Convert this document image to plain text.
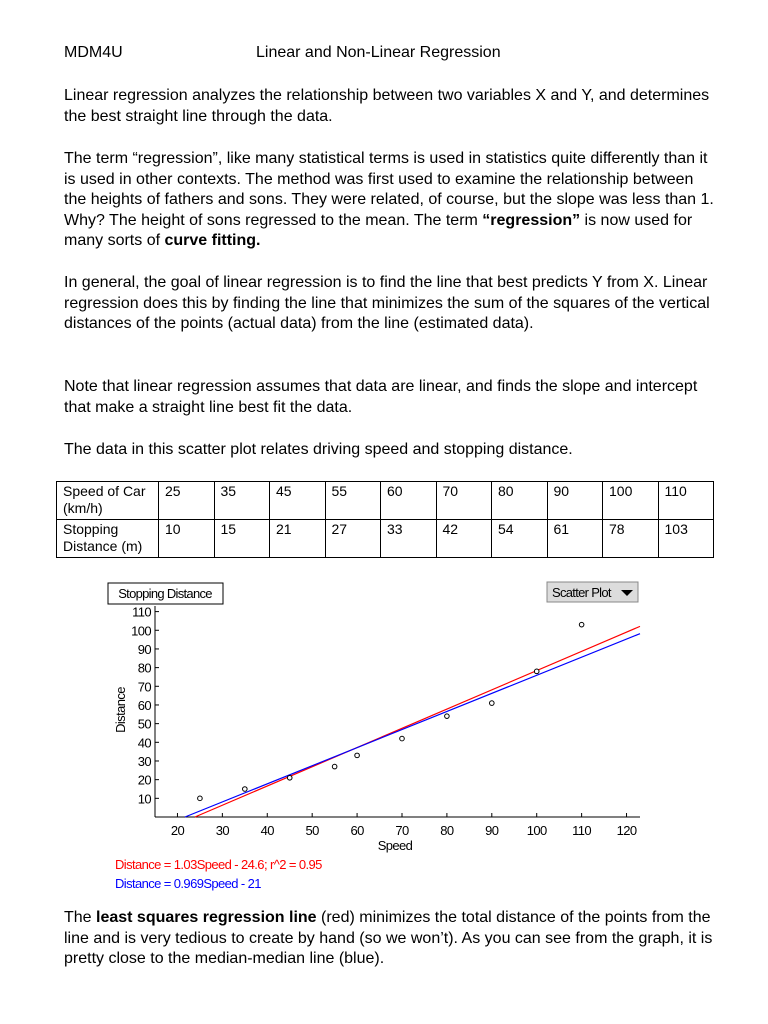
MDM4U	Linear and Non-Linear Regression

Linear regression analyzes the relationship between two variables X and Y, and determines the best straight line through the data.

The term “regression”, like many statistical terms is used in statistics quite differently than it is used in other contexts. The method was first used to examine the relationship between the heights of fathers and sons. They were related, of course, but the slope was less than 1. Why? The height of sons regressed to the mean. The term “regression” is now used for many sorts of curve fitting.

In general, the goal of linear regression is to find the line that best predicts Y from X. Linear regression does this by finding the line that minimizes the sum of the squares of the vertical distances of the points (actual data) from the line (estimated data).

Note that linear regression assumes that data are linear, and finds the slope and intercept that make a straight line best fit the data.

The data in this scatter plot relates driving speed and stopping distance.

Speed of Car (km/h)	25	35	45	55	60	70	80	90	100	110
Stopping Distance (m)	10	15	21	27	33	42	54	61	78	103
Stopping Distance	Scatter Plot
10
20
30
40
50
60
70
80
90
100
110
20 30 40 50 60 70 80 90 100 110 120
Speed
Distance
Distance = 1.03Speed - 24.6; r^2 = 0.95
Distance = 0.969Speed - 21

The least squares regression line (red) minimizes the total distance of the points from the line and is very tedious to create by hand (so we won’t). As you can see from the graph, it is pretty close to the median-median line (blue).
